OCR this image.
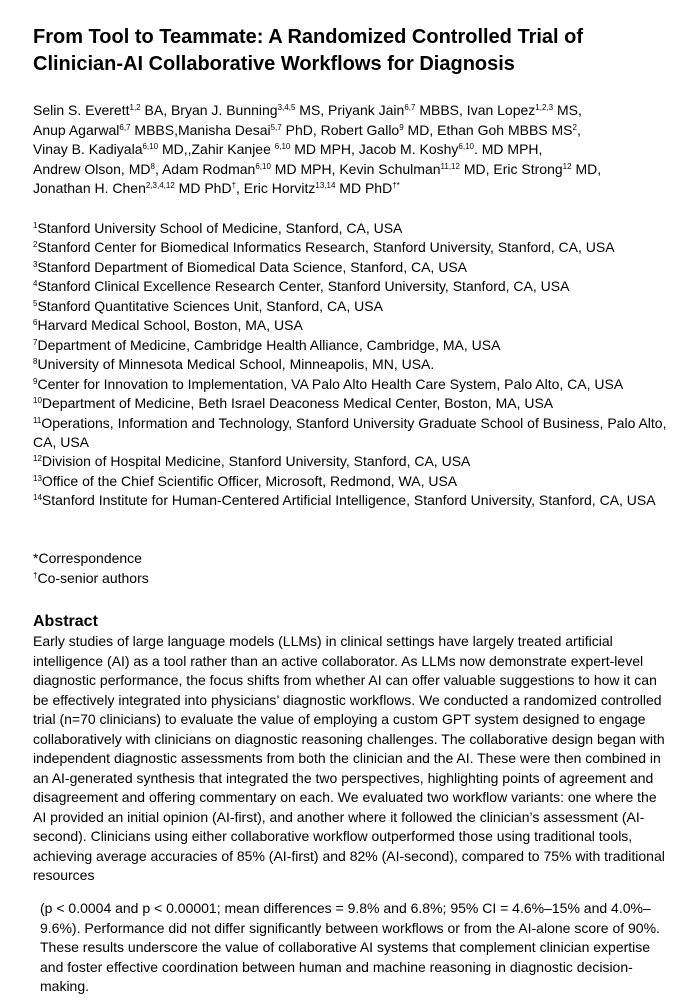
From Tool to Teammate: A Randomized Controlled Trial of Clinician-AI Collaborative Workflows for Diagnosis
Selin S. Everett$^{1,2}$ BA, Bryan J. Bunning$^{3,4,5}$ MS, Priyank Jain$^{6,7}$ MBBS, Ivan Lopez$^{1,2,3}$ MS,
Anup Agarwal$^{6,7}$ MBBS,Manisha Desai$^{5,7}$ PhD, Robert Gallo$^9$ MD, Ethan Goh MBBS $MS^2$,
Vinay B. Kadiyala$^{6,10}$ MD,,Zahir Kanjee $^{6,10}$ MD MPH, Jacob M. Koshy$^{6,10}$. MD MPH,
Andrew Olson, $MD^8$, Adam Rodman$^{6,10}$ MD MPH, Kevin Schulman$^{11,12}$ MD, Eric Strong$^{12}$ MD,
Jonathan H. Chen$^{2,3,4,12}$ MD PhD†, Eric Horvitz$^{13,14}$ MD PhD†*

$^1$Stanford University School of Medicine, Stanford, CA, USA

$^2$Stanford Center for Biomedical Informatics Research, Stanford University, Stanford, CA, USA

$^3$Stanford Department of Biomedical Data Science, Stanford, CA, USA

$^4$Stanford Clinical Excellence Research Center, Stanford University, Stanford, CA, USA

$^5$Stanford Quantitative Sciences Unit, Stanford, CA, USA

$^6$Harvard Medical School, Boston, MA, USA

$^7$Department of Medicine, Cambridge Health Alliance, Cambridge, MA, USA

$^8$University of Minnesota Medical School, Minneapolis, MN, USA.

$^9$Center for Innovation to Implementation, VA Palo Alto Health Care System, Palo Alto, CA, USA

$^{10}$Department of Medicine, Beth Israel Deaconess Medical Center, Boston, MA, USA

$^{11}$Operations, Information and Technology, Stanford University Graduate School of Business, Palo Alto, CA, USA

$^{12}$Division of Hospital Medicine, Stanford University, Stanford, CA, USA

$^{13}$Office of the Chief Scientific Officer, Microsoft, Redmond, WA, USA

$^{14}$Stanford Institute for Human-Centered Artificial Intelligence, Stanford University, Stanford, CA, USA

*Correspondence
†Co-senior authors
Abstract

Early studies of large language models (LLMs) in clinical settings have largely treated artificial intelligence (AI) as a tool rather than an active collaborator. As LLMs now demonstrate expert-level diagnostic performance, the focus shifts from whether AI can offer valuable suggestions to how it can be effectively integrated into physicians’ diagnostic workflows. We conducted a randomized controlled trial (n=70 clinicians) to evaluate the value of employing a custom GPT system designed to engage collaboratively with clinicians on diagnostic reasoning challenges. The collaborative design began with independent diagnostic assessments from both the clinician and the AI. These were then combined in an AI-generated synthesis that integrated the two perspectives, highlighting points of agreement and disagreement and offering commentary on each. We evaluated two workflow variants: one where the AI provided an initial opinion (AI-first), and another where it followed the clinician’s assessment (AI-second). Clinicians using either collaborative workflow outperformed those using traditional tools, achieving average accuracies of 85% (AI-first) and 82% (AI-second), compared to 75% with traditional resources

(p < 0.0004 and p < 0.00001; mean differences = 9.8% and 6.8%; 95% CI = 4.6%–15% and 4.0%–9.6%). Performance did not differ significantly between workflows or from the AI-alone score of 90%. These results underscore the value of collaborative AI systems that complement clinician expertise and foster effective coordination between human and machine reasoning in diagnostic decision-making.
